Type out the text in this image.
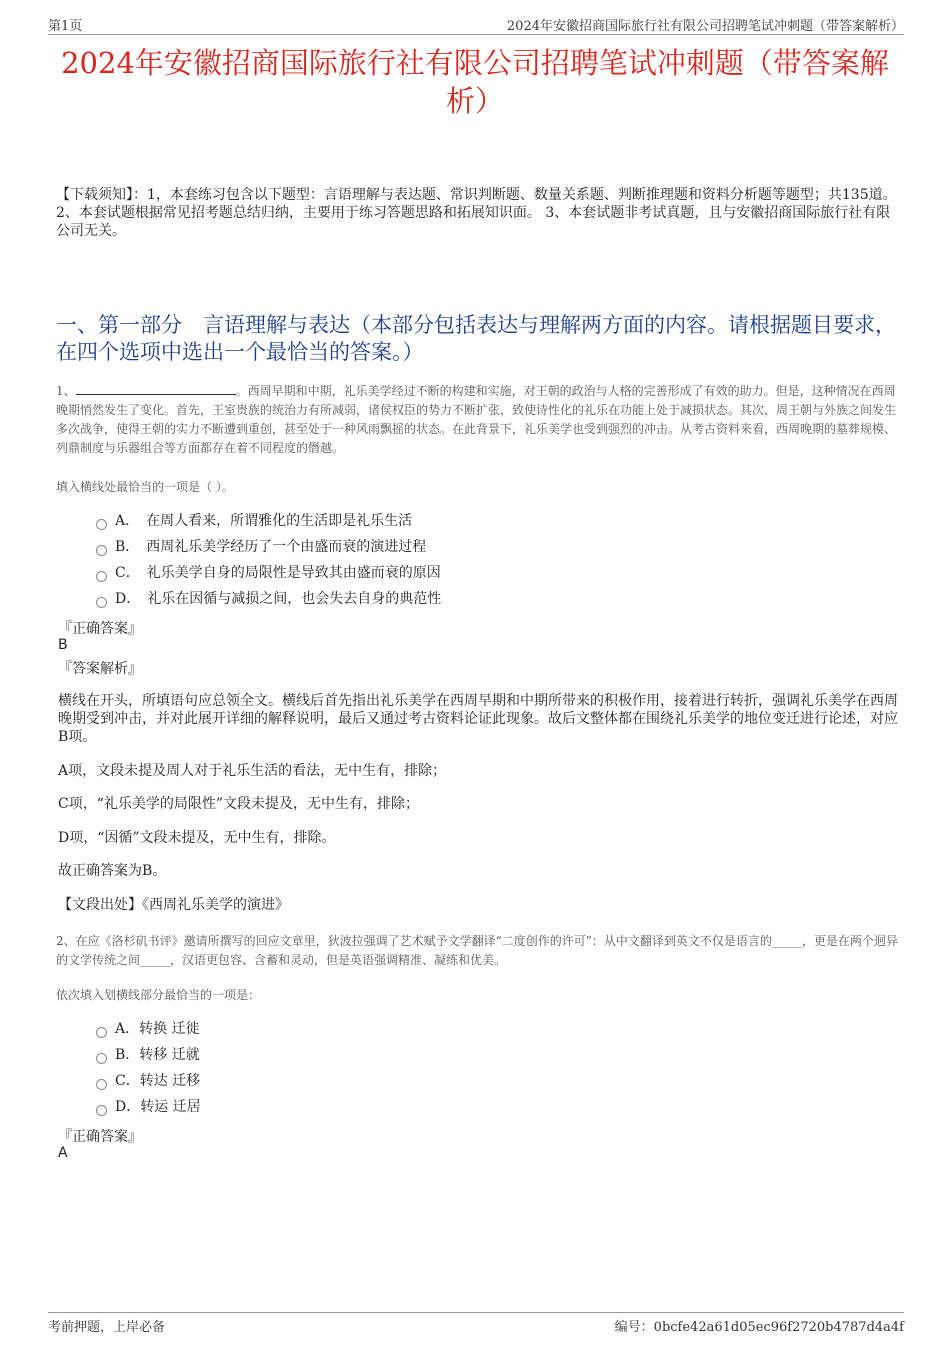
第1页	2024年安徽招商国际旅行社有限公司招聘笔试冲刺题（带答案解析）
2024年安徽招商国际旅行社有限公司招聘笔试冲刺题（带答案解析）
【下载须知】：1，本套练习包含以下题型：言语理解与表达题、常识判断题、数量关系题、判断推理题和资料分析题等题型；共135道。 2、本套试题根据常见招考题总结归纳，主要用于练习答题思路和拓展知识面。 3、本套试题非考试真题，且与安徽招商国际旅行社有限公司无关。
一、第一部分　言语理解与表达（本部分包括表达与理解两方面的内容。请根据题目要求，在四个选项中选出一个最恰当的答案。）
1、	。西周早期和中期，礼乐美学经过不断的构建和实施，对王朝的政治与人格的完善形成了有效的助力。但是，这种情况在西周晚期悄然发生了变化。首先，王室贵族的统治力有所减弱，诸侯权臣的势力不断扩张，致使诗性化的礼乐在功能上处于减损状态。其次，周王朝与外族之间发生多次战争，使得王朝的实力不断遭到重创，甚至处于一种风雨飘摇的状态。在此背景下，礼乐美学也受到强烈的冲击。从考古资料来看，西周晚期的墓葬规模、列鼎制度与乐器组合等方面都存在着不同程度的僭越。
填入横线处最恰当的一项是（ ）。
A．　在周人看来，所谓雅化的生活即是礼乐生活
B．　西周礼乐美学经历了一个由盛而衰的演进过程
C．　礼乐美学自身的局限性是导致其由盛而衰的原因
D．　礼乐在因循与减损之间，也会失去自身的典范性
『正确答案』
B
『答案解析』
横线在开头，所填语句应总领全文。横线后首先指出礼乐美学在西周早期和中期所带来的积极作用，接着进行转折，强调礼乐美学在西周晚期受到冲击，并对此展开详细的解释说明，最后又通过考古资料论证此现象。故后文整体都在围绕礼乐美学的地位变迁进行论述，对应B项。
A项，文段未提及周人对于礼乐生活的看法，无中生有，排除；
C项，“礼乐美学的局限性”文段未提及，无中生有，排除；
D项，“因循”文段未提及，无中生有，排除。
故正确答案为B。
【文段出处】《西周礼乐美学的演进》
2、在应《洛杉矶书评》邀请所撰写的回应文章里，狄波拉强调了艺术赋予文学翻译“二度创作的许可”：从中文翻译到英文不仅是语言的_____，更是在两个迥异的文学传统之间_____，汉语更包容、含蓄和灵动，但是英语强调精准、凝练和优美。
依次填入划横线部分最恰当的一项是：
A．转换 迁徙
B．转移 迁就
C．转达 迁移
D．转运 迁居
『正确答案』
A
考前押题，上岸必备	编号：0bcfe42a61d05ec96f2720b4787d4a4f
